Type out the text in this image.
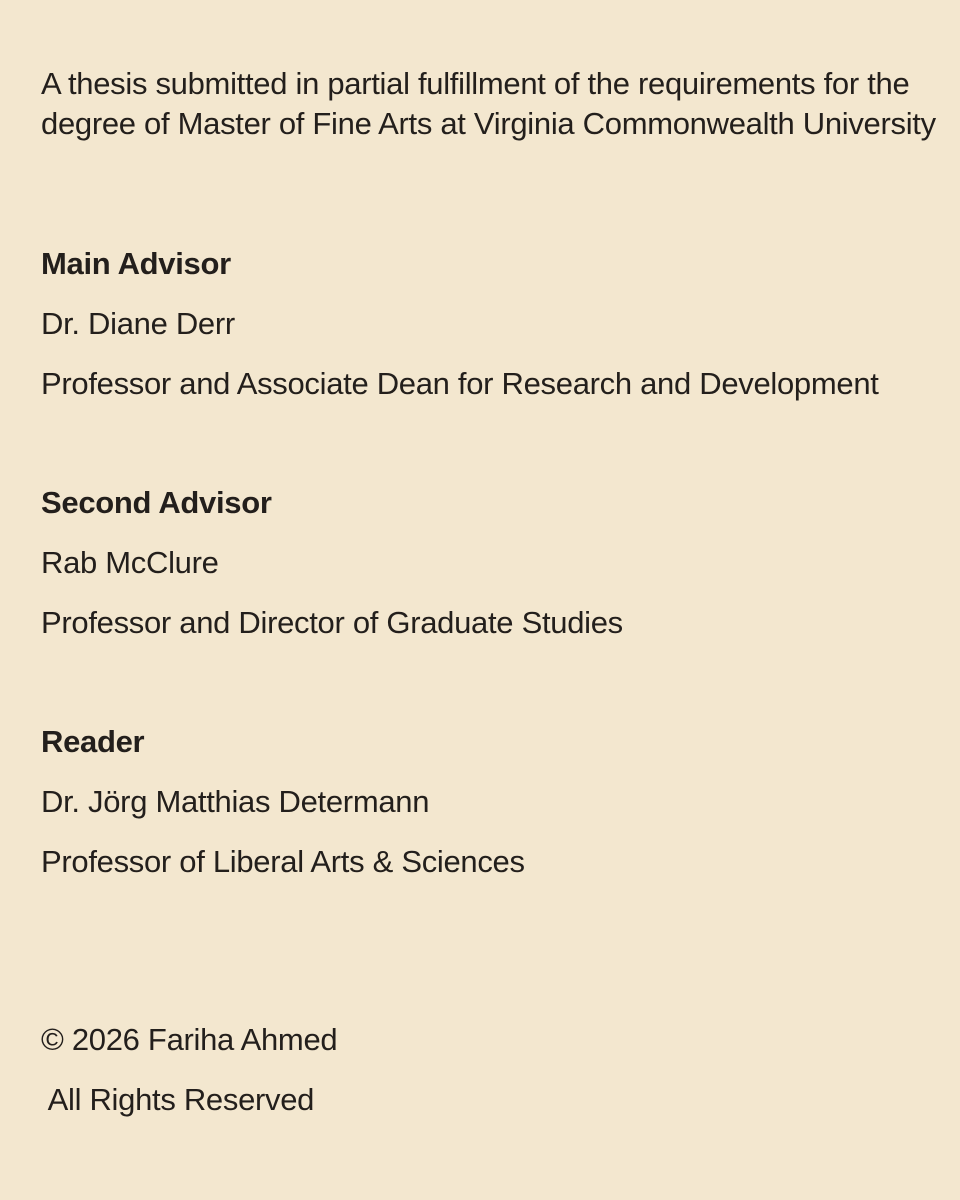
A thesis submitted in partial fulfillment of the requirements for the degree of Master of Fine Arts at Virginia Commonwealth University

Main Advisor

Dr. Diane Derr

Professor and Associate Dean for Research and Development

Second Advisor

Rab McClure

Professor and Director of Graduate Studies

Reader

Dr. Jörg Matthias Determann

Professor of Liberal Arts & Sciences

© 2026 Fariha Ahmed

All Rights Reserved
